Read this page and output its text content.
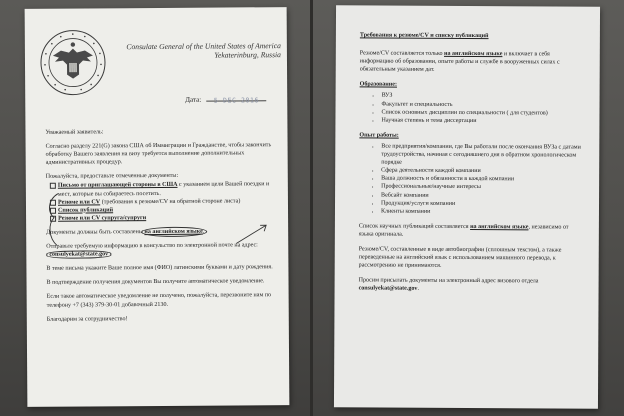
Consulate General of the United States of America
Yekaterinburg, Russia
Дата: 5 DEC 2016

Уважаемый заявитель:

Согласно разделу 221(G) закона США об Иммиграции и Гражданстве, чтобы закончить обработку Вашего заявления на визу требуется выполнение дополнительных административных процедур.

Пожалуйста, предоставьте отмеченные документы:

Письмо от приглашающей стороны в США с указанием цели Вашей поездки и мест, которые вы собираетесь посетить.
Резюме или CV (требования к резюме/CV на обратной стороне листа)
Список публикаций
Резюме или CV супруга/супруги

Документы должны быть составлены на английском языке.

Отправьте требуемую информацию в консульство по электронной почте на адрес: consulyekat@state.gov

В теме письма укажите Ваше полное имя (ФИО) латинскими буквами и дату рождения.

В подтверждение получения документов Вы получите автоматическое уведомление.

Если такое автоматическое уведомление не получено, пожалуйста, перезвоните нам по телефону +7 (343) 379-30-01 добавочный 2130.

Благодарим за сотрудничество!

Требования к резюме/CV и списку публикаций

Резюме/CV составляется только на английском языке и включает в себя информацию об образовании, опыте работы и службе в вооруженных силах с обязательным указанием дат.

Образование:

• ВУЗ
• Факультет и специальность
• Список основных дисциплин по специальности ( для студентов)
• Научная степень и тема диссертации

Опыт работы:

• Все предприятия/компании, где Вы работали после окончания ВУЗа с датами трудоустройства, начиная с сегодняшнего дня в обратном хронологическом порядке
• Сфера деятельности каждой компании
• Ваша должность и обязанности в каждой компании
• Профессиональные/научные интересы
• Вебсайт компании
• Продукция/услуги компании
• Клиенты компании

Список научных публикаций составляется на английском языке, независимо от языка оригинала.

Резюме/CV, составленные в виде автобиографии (сплошным текстом), а также переведенные на английский язык с использованием машинного перевода, к рассмотрению не принимаются.

Просим присылать документы на электронный адрес визового отдела consulyekat@state.gov.
